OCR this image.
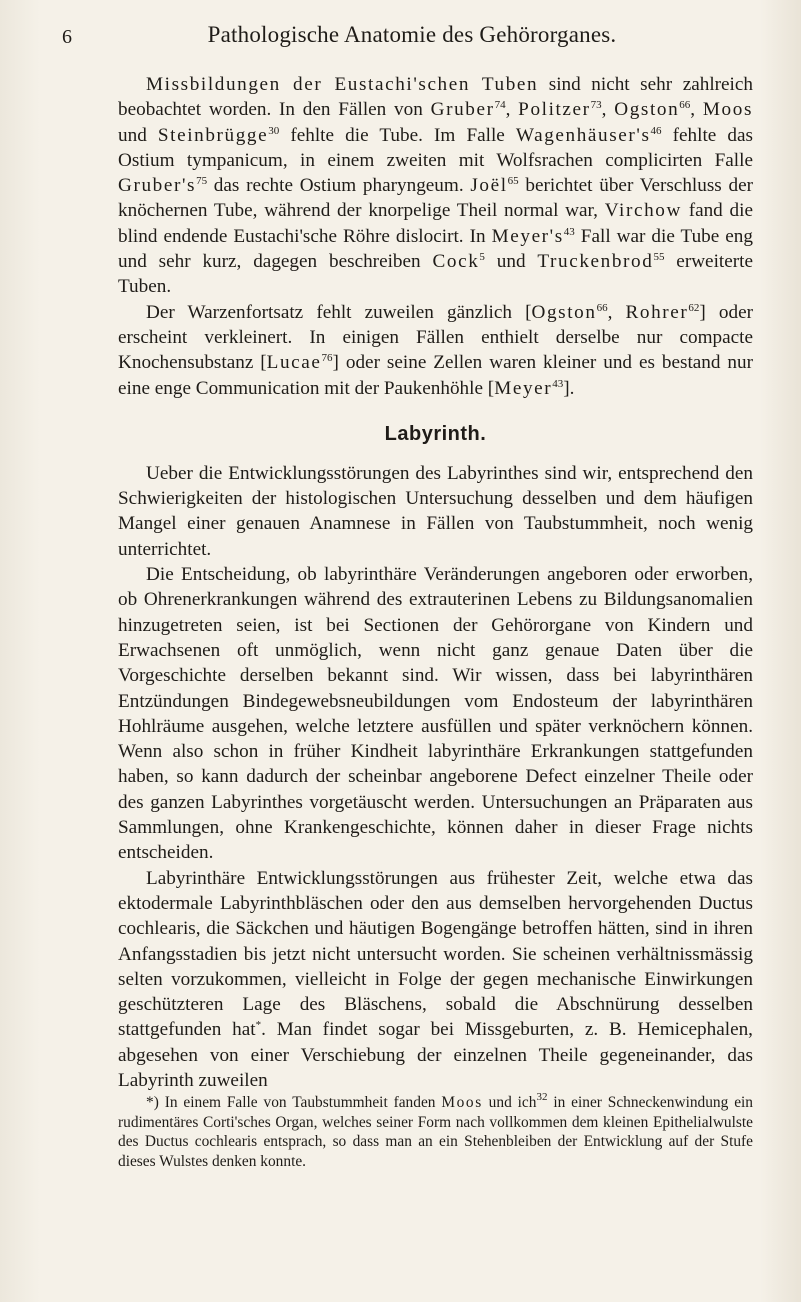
6	Pathologische Anatomie des Gehörorganes.

Missbildungen der Eustachi'schen Tuben sind nicht sehr zahlreich beobachtet worden. In den Fällen von Gruber$^{74}$, Politzer$^{73}$, Ogston$^{66}$, Moos und Steinbrügge$^{30}$ fehlte die Tube. Im Falle $Wagenhäuser's^{46}$ fehlte das Ostium tympanicum, in einem zweiten mit Wolfsrachen complicirten Falle $Gruber's^{75}$ das rechte Ostium pharyngeum. Joël$^{65}$ berichtet über Verschluss der knöchernen Tube, während der knorpelige Theil normal war, Virchow fand die blind endende Eustachi'sche Röhre dislocirt. In $Meyer's^{43}$ Fall war die Tube eng und sehr kurz, dagegen beschreiben Cock$^5$ und Truckenbrod$^{55}$ erweiterte Tuben.

Der Warzenfortsatz fehlt zuweilen gänzlich [Ogston$^{66}$, Rohrer$^{62}$] oder erscheint verkleinert. In einigen Fällen enthielt derselbe nur compacte Knochensubstanz [Lucae$^{76}$] oder seine Zellen waren kleiner und es bestand nur eine enge Communication mit der Paukenhöhle [Meyer$^{43}$].

Labyrinth.

Ueber die Entwicklungsstörungen des Labyrinthes sind wir, entsprechend den Schwierigkeiten der histologischen Untersuchung desselben und dem häufigen Mangel einer genauen Anamnese in Fällen von Taubstummheit, noch wenig unterrichtet.

Die Entscheidung, ob labyrinthäre Veränderungen angeboren oder erworben, ob Ohrenerkrankungen während des extrauterinen Lebens zu Bildungsanomalien hinzugetreten seien, ist bei Sectionen der Gehörorgane von Kindern und Erwachsenen oft unmöglich, wenn nicht ganz genaue Daten über die Vorgeschichte derselben bekannt sind. Wir wissen, dass bei labyrinthären Entzündungen Bindegewebsneubildungen vom Endosteum der labyrinthären Hohlräume ausgehen, welche letztere ausfüllen und später verknöchern können. Wenn also schon in früher Kindheit labyrinthäre Erkrankungen stattgefunden haben, so kann dadurch der scheinbar angeborene Defect einzelner Theile oder des ganzen Labyrinthes vorgetäuscht werden. Untersuchungen an Präparaten aus Sammlungen, ohne Krankengeschichte, können daher in dieser Frage nichts entscheiden.

Labyrinthäre Entwicklungsstörungen aus frühester Zeit, welche etwa das ektodermale Labyrinthbläschen oder den aus demselben hervorgehenden Ductus cochlearis, die Säckchen und häutigen Bogengänge betroffen hätten, sind in ihren Anfangsstadien bis jetzt nicht untersucht worden. Sie scheinen verhältnissmässig selten vorzukommen, vielleicht in Folge der gegen mechanische Einwirkungen geschützteren Lage des Bläschens, sobald die Abschnürung desselben stattgefunden hat*. Man findet sogar bei Missgeburten, z. B. Hemicephalen, abgesehen von einer Verschiebung der einzelnen Theile gegeneinander, das Labyrinth zuweilen

*) In einem Falle von Taubstummheit fanden Moos und ich$^{32}$ in einer Schneckenwindung ein rudimentäres Corti'sches Organ, welches seiner Form nach vollkommen dem kleinen Epithelialwulste des Ductus cochlearis entsprach, so dass man an ein Stehenbleiben der Entwicklung auf der Stufe dieses Wulstes denken konnte.
